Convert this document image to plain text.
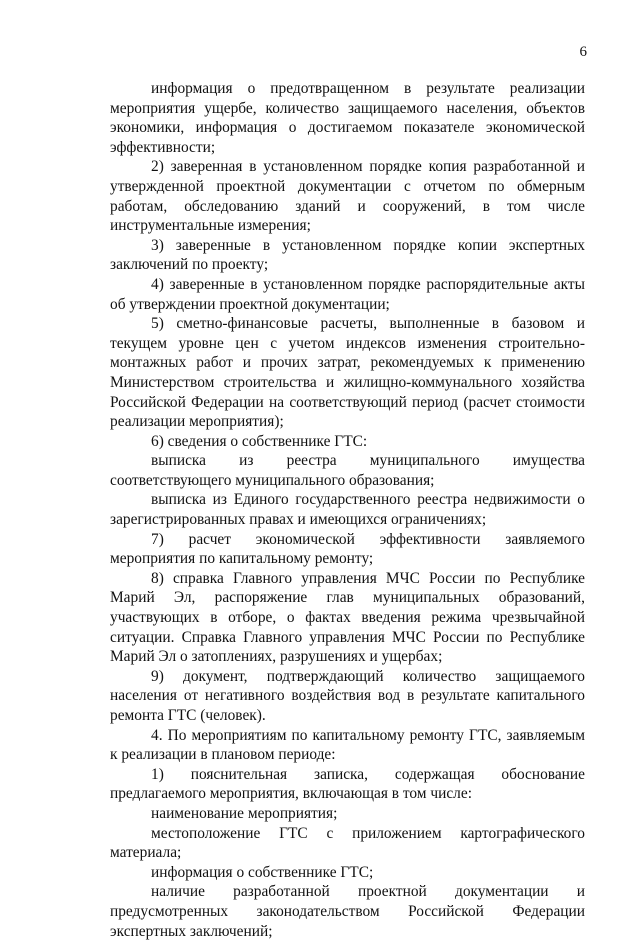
6

информация о предотвращенном в результате реализации мероприятия ущербе, количество защищаемого населения, объектов экономики, информация о достигаемом показателе экономической эффективности;

2) заверенная в установленном порядке копия разработанной и утвержденной проектной документации с отчетом по обмерным работам, обследованию зданий и сооружений, в том числе инструментальные измерения;

3) заверенные в установленном порядке копии экспертных заключений по проекту;

4) заверенные в установленном порядке распорядительные акты об утверждении проектной документации;

5) сметно-финансовые расчеты, выполненные в базовом и текущем уровне цен с учетом индексов изменения строительно-монтажных работ и прочих затрат, рекомендуемых к применению Министерством строительства и жилищно-коммунального хозяйства Российской Федерации на соответствующий период (расчет стоимости реализации мероприятия);

6) сведения о собственнике ГТС:

выписка из реестра муниципального имущества соответствующего муниципального образования;

выписка из Единого государственного реестра недвижимости о зарегистрированных правах и имеющихся ограничениях;

7) расчет экономической эффективности заявляемого мероприятия по капитальному ремонту;

8) справка Главного управления МЧС России по Республике Марий Эл, распоряжение глав муниципальных образований, участвующих в отборе, о фактах введения режима чрезвычайной ситуации. Справка Главного управления МЧС России по Республике Марий Эл о затоплениях, разрушениях и ущербах;

9) документ, подтверждающий количество защищаемого населения от негативного воздействия вод в результате капитального ремонта ГТС (человек).

4. По мероприятиям по капитальному ремонту ГТС, заявляемым к реализации в плановом периоде:

1) пояснительная записка, содержащая обоснование предлагаемого мероприятия, включающая в том числе:

наименование мероприятия;

местоположение ГТС с приложением картографического материала;

информация о собственнике ГТС;

наличие разработанной проектной документации и предусмотренных законодательством Российской Федерации экспертных заключений;
